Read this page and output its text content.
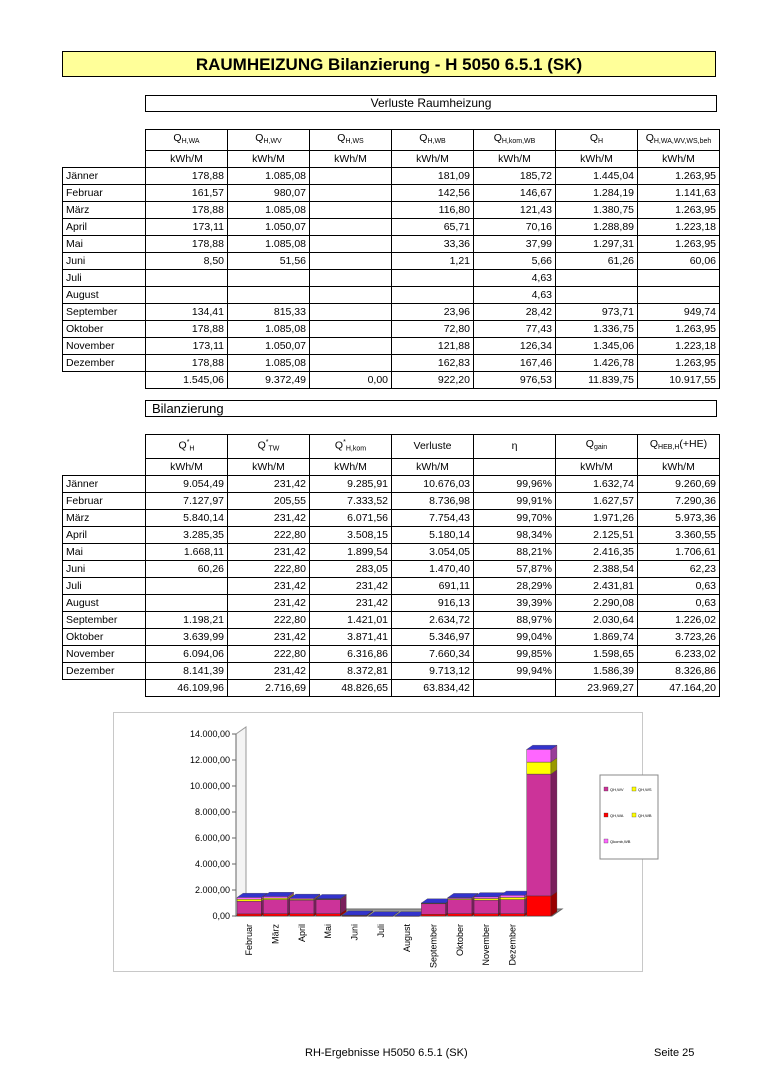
RAUMHEIZUNG Bilanzierung - H 5050 6.5.1 (SK)
Verluste Raumheizung
	$Q_{H,WA}$	$Q_{H,WV}$	$Q_{H,WS}$	$Q_{H,WB}$	$Q_{H,kom,WB}$	$Q_H$	$Q_{H,WA,WV,WS,beh}$
	kWh/M	kWh/M	kWh/M	kWh/M	kWh/M	kWh/M	kWh/M
Jänner	178,88	1.085,08		181,09	185,72	1.445,04	1.263,95
Februar	161,57	980,07		142,56	146,67	1.284,19	1.141,63
März	178,88	1.085,08		116,80	121,43	1.380,75	1.263,95
April	173,11	1.050,07		65,71	70,16	1.288,89	1.223,18
Mai	178,88	1.085,08		33,36	37,99	1.297,31	1.263,95
Juni	8,50	51,56		1,21	5,66	61,26	60,06
Juli					4,63		
August					4,63		
September	134,41	815,33		23,96	28,42	973,71	949,74
Oktober	178,88	1.085,08		72,80	77,43	1.336,75	1.263,95
November	173,11	1.050,07		121,88	126,34	1.345,06	1.223,18
Dezember	178,88	1.085,08		162,83	167,46	1.426,78	1.263,95
	1.545,06	9.372,49	0,00	922,20	976,53	11.839,75	10.917,55
Bilanzierung
	$Q^*_H$	$Q^*_{TW}$	$Q^*_{H,kom}$	Verluste	η	$Q_{gain}$	$Q_{HEB,H}(+HE)$
	kWh/M	kWh/M	kWh/M	kWh/M		kWh/M	kWh/M
Jänner	9.054,49	231,42	9.285,91	10.676,03	99,96%	1.632,74	9.260,69
Februar	7.127,97	205,55	7.333,52	8.736,98	99,91%	1.627,57	7.290,36
März	5.840,14	231,42	6.071,56	7.754,43	99,70%	1.971,26	5.973,36
April	3.285,35	222,80	3.508,15	5.180,14	98,34%	2.125,51	3.360,55
Mai	1.668,11	231,42	1.899,54	3.054,05	88,21%	2.416,35	1.706,61
Juni	60,26	222,80	283,05	1.470,40	57,87%	2.388,54	62,23
Juli		231,42	231,42	691,11	28,29%	2.431,81	0,63
August		231,42	231,42	916,13	39,39%	2.290,08	0,63
September	1.198,21	222,80	1.421,01	2.634,72	88,97%	2.030,64	1.226,02
Oktober	3.639,99	231,42	3.871,41	5.346,97	99,04%	1.869,74	3.723,26
November	6.094,06	222,80	6.316,86	7.660,34	99,85%	1.598,65	6.233,02
Dezember	8.141,39	231,42	8.372,81	9.713,12	99,94%	1.586,39	8.326,86
	46.109,96	2.716,69	48.826,65	63.834,42		23.969,27	47.164,20
0,00
2.000,00
4.000,00
6.000,00
8.000,00
10.000,00
12.000,00
14.000,00
Februar März April Mai Juni Juli August September Oktober November Dezember
QH,WV	QH,WS
QH,WA	QH,WB
Qkomb,WB
RH-Ergebnisse H5050 6.5.1 (SK)	Seite 25
